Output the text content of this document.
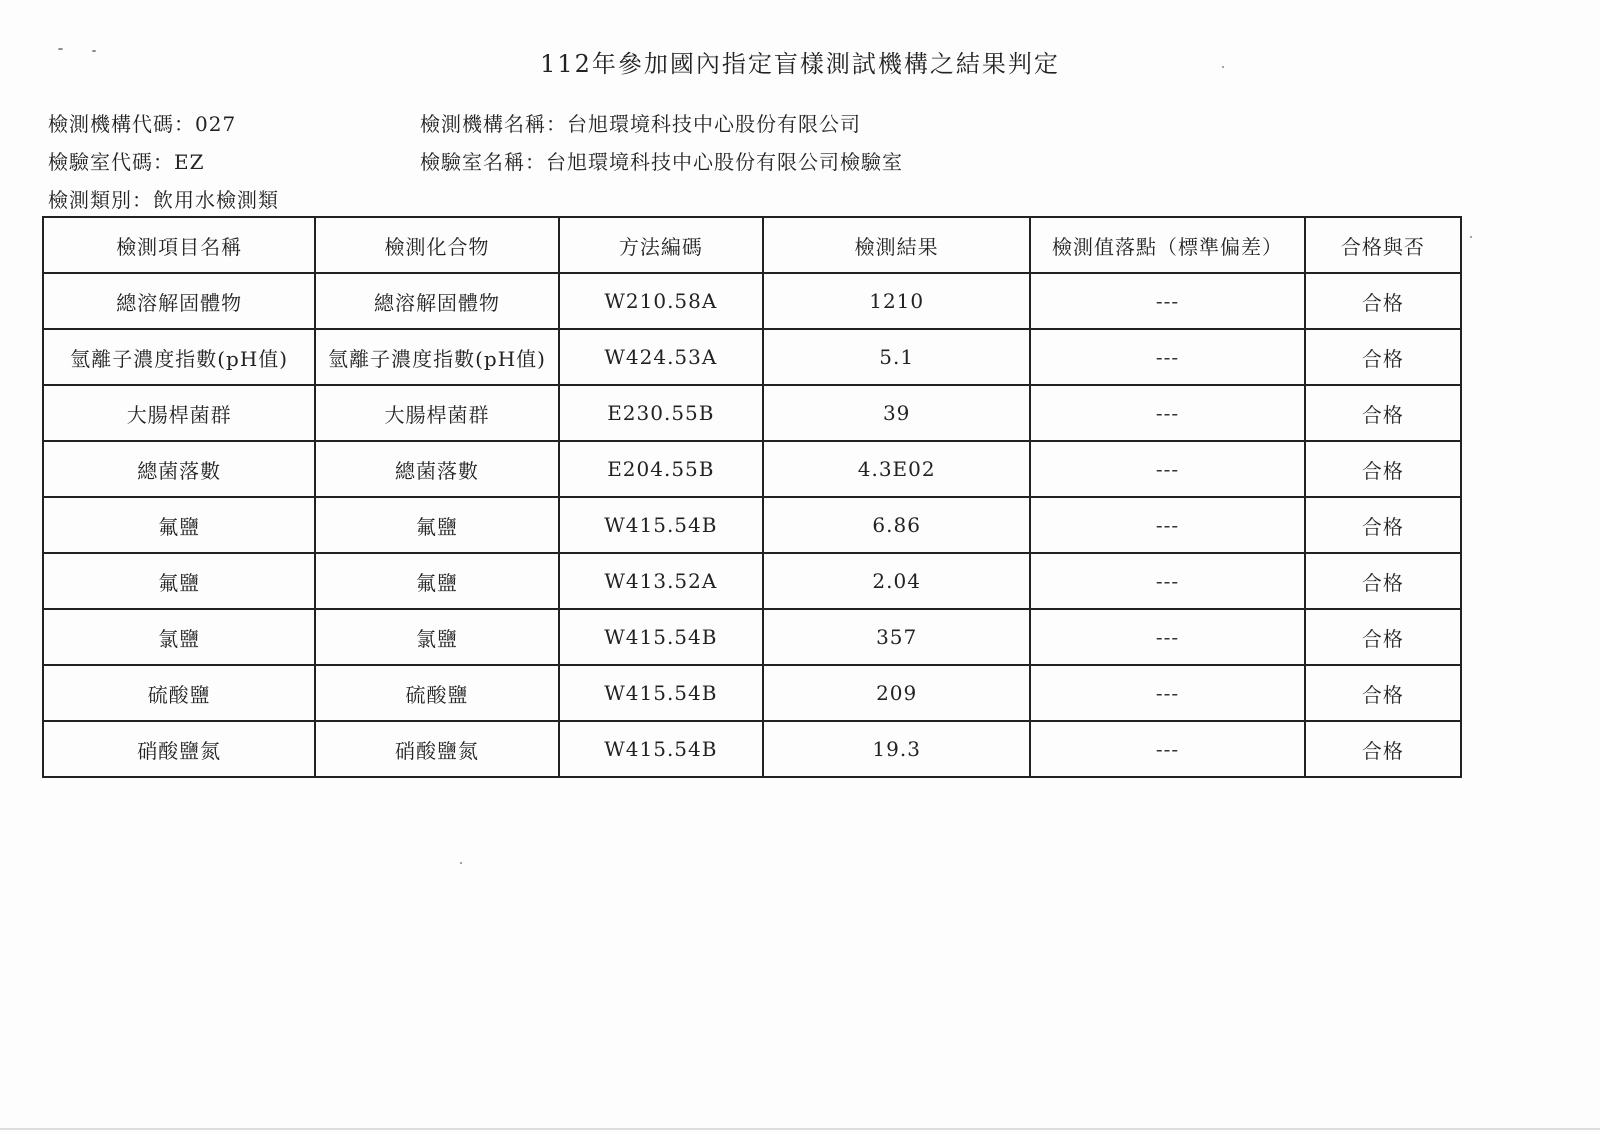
112年參加國內指定盲樣測試機構之結果判定
檢測機構代碼：027	檢測機構名稱：台旭環境科技中心股份有限公司
檢驗室代碼：EZ	檢驗室名稱：台旭環境科技中心股份有限公司檢驗室
檢測類別：飲用水檢測類
檢測項目名稱	檢測化合物	方法編碼	檢測結果	檢測值落點（標準偏差）	合格與否
總溶解固體物	總溶解固體物	W210.58A	1210	---	合格
氫離子濃度指數(pH值)	氫離子濃度指數(pH值)	W424.53A	5.1	---	合格
大腸桿菌群	大腸桿菌群	E230.55B	39	---	合格
總菌落數	總菌落數	E204.55B	4.3E02	---	合格
氟鹽	氟鹽	W415.54B	6.86	---	合格
氟鹽	氟鹽	W413.52A	2.04	---	合格
氯鹽	氯鹽	W415.54B	357	---	合格
硫酸鹽	硫酸鹽	W415.54B	209	---	合格
硝酸鹽氮	硝酸鹽氮	W415.54B	19.3	---	合格
